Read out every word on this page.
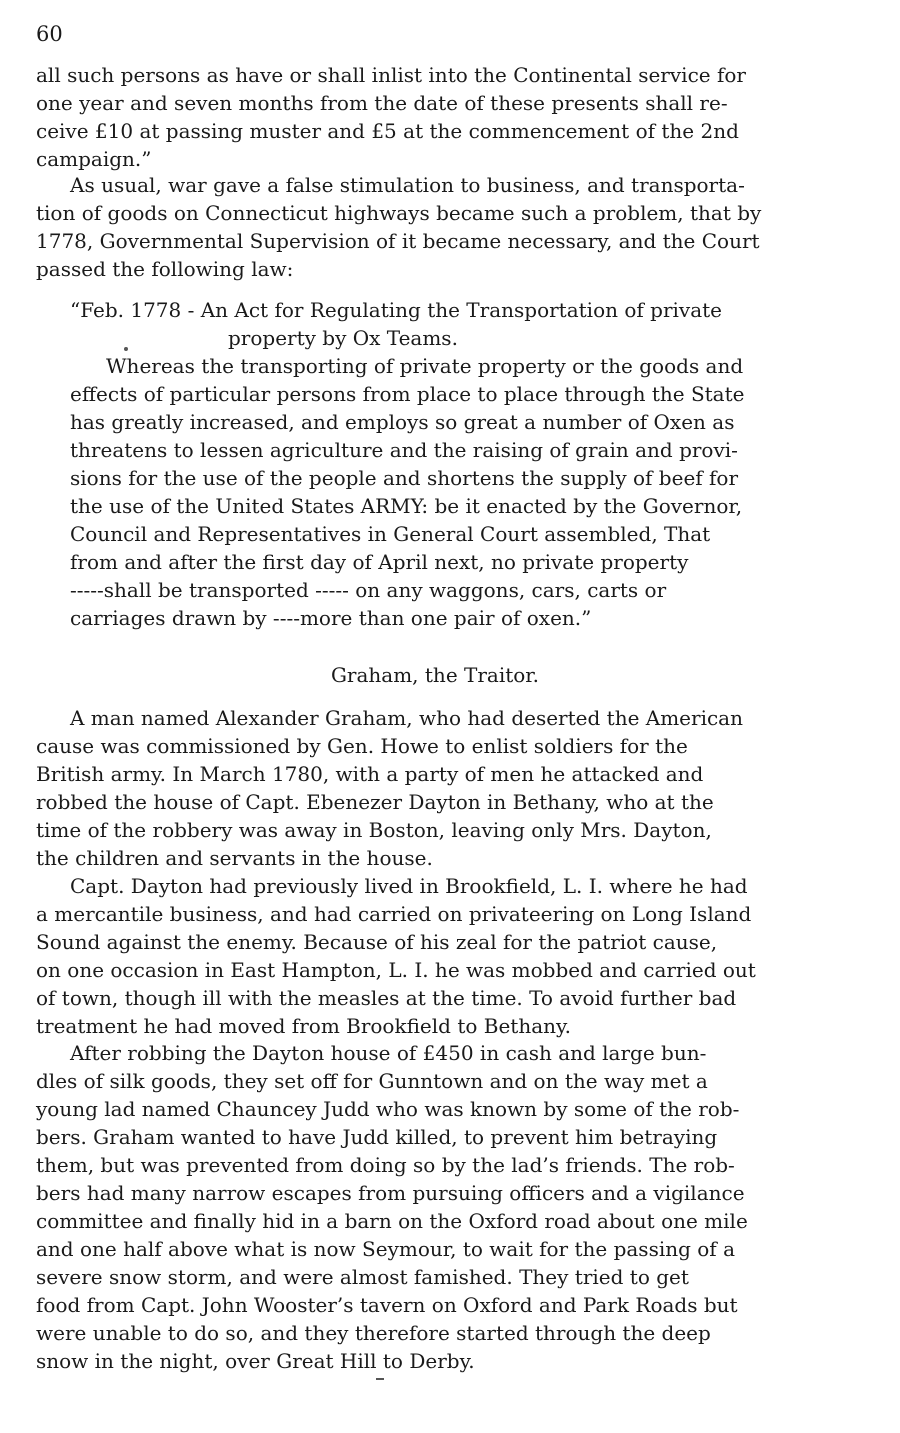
60
all such persons as have or shall inlist into the Continental service for
one year and seven months from the date of these presents shall re-
ceive £10 at passing muster and £5 at the commencement of the 2nd
campaign.”
As usual, war gave a false stimulation to business, and transporta-
tion of goods on Connecticut highways became such a problem, that by
1778, Governmental Supervision of it became necessary, and the Court
passed the following law:
“Feb. 1778 - An Act for Regulating the Transportation of private
property by Ox Teams.
Whereas the transporting of private property or the goods and
effects of particular persons from place to place through the State
has greatly increased, and employs so great a number of Oxen as
threatens to lessen agriculture and the raising of grain and provi-
sions for the use of the people and shortens the supply of beef for
the use of the United States ARMY: be it enacted by the Governor,
Council and Representatives in General Court assembled, That
from and after the first day of April next, no private property
-----shall be transported ----- on any waggons, cars, carts or
carriages drawn by ----more than one pair of oxen.”
Graham, the Traitor.
A man named Alexander Graham, who had deserted the American
cause was commissioned by Gen. Howe to enlist soldiers for the
British army. In March 1780, with a party of men he attacked and
robbed the house of Capt. Ebenezer Dayton in Bethany, who at the
time of the robbery was away in Boston, leaving only Mrs. Dayton,
the children and servants in the house.
Capt. Dayton had previously lived in Brookfield, L. I. where he had
a mercantile business, and had carried on privateering on Long Island
Sound against the enemy. Because of his zeal for the patriot cause,
on one occasion in East Hampton, L. I. he was mobbed and carried out
of town, though ill with the measles at the time. To avoid further bad
treatment he had moved from Brookfield to Bethany.
After robbing the Dayton house of £450 in cash and large bun-
dles of silk goods, they set off for Gunntown and on the way met a
young lad named Chauncey Judd who was known by some of the rob-
bers. Graham wanted to have Judd killed, to prevent him betraying
them, but was prevented from doing so by the lad’s friends. The rob-
bers had many narrow escapes from pursuing officers and a vigilance
committee and finally hid in a barn on the Oxford road about one mile
and one half above what is now Seymour, to wait for the passing of a
severe snow storm, and were almost famished. They tried to get
food from Capt. John Wooster’s tavern on Oxford and Park Roads but
were unable to do so, and they therefore started through the deep
snow in the night, over Great Hill to Derby.
